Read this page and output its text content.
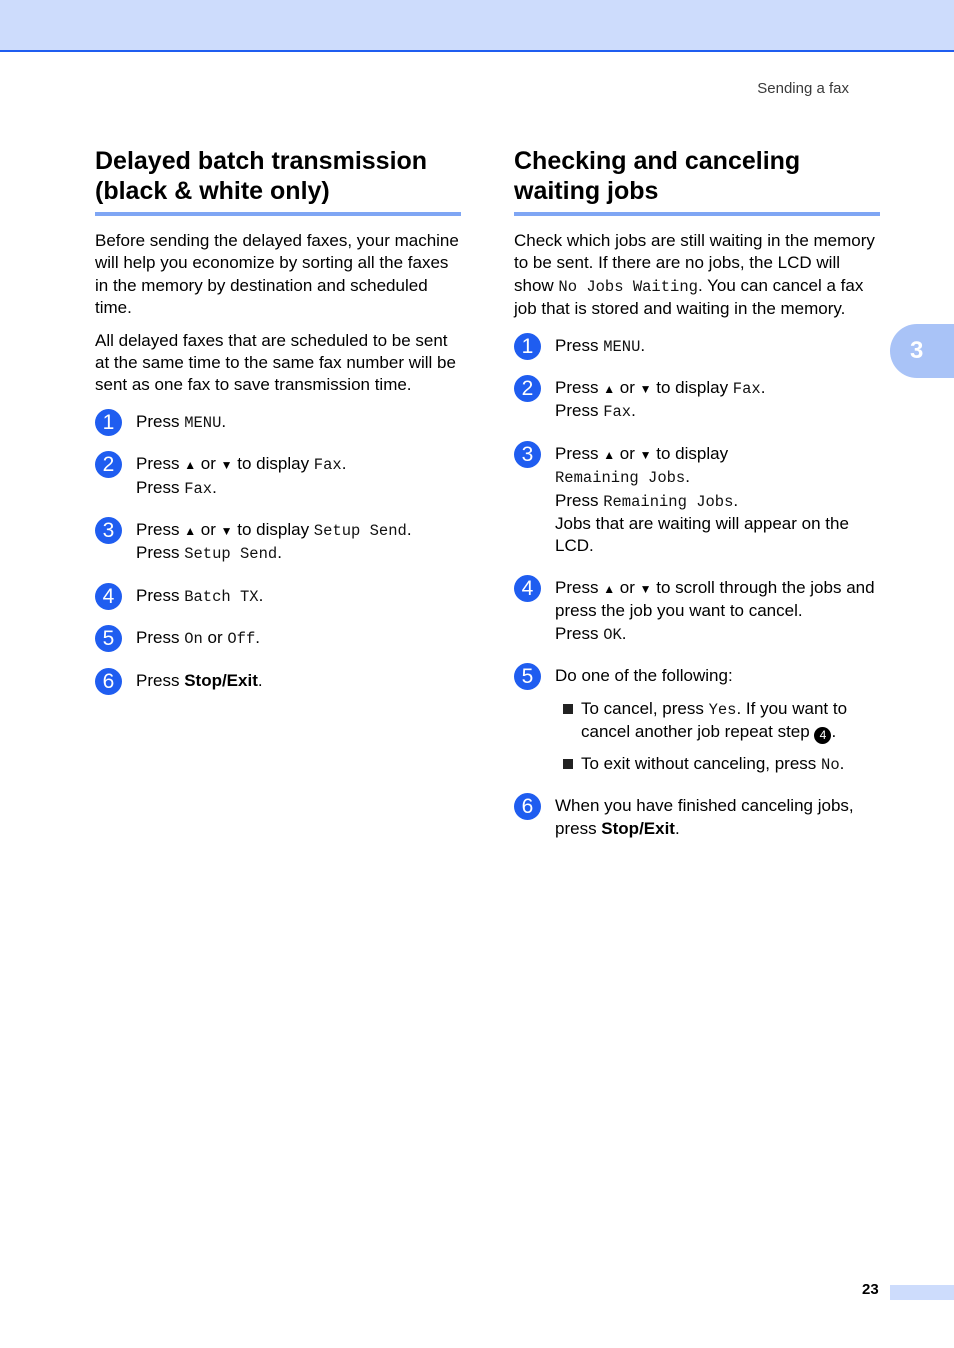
Sending a fax
3
Delayed batch transmission (black & white only)

Before sending the delayed faxes, your machine will help you economize by sorting all the faxes in the memory by destination and scheduled time.

All delayed faxes that are scheduled to be sent at the same time to the same fax number will be sent as one fax to save transmission time.

1	Press MENU.
2	Press ▲ or ▼ to display Fax.
Press Fax.
3	Press ▲ or ▼ to display Setup Send.
Press Setup Send.
4	Press Batch TX.
5	Press On or Off.
6	Press Stop/Exit.
Checking and canceling waiting jobs

Check which jobs are still waiting in the memory to be sent. If there are no jobs, the LCD will show No Jobs Waiting. You can cancel a fax job that is stored and waiting in the memory.

1	Press MENU.
2	Press ▲ or ▼ to display Fax.
Press Fax.
3	Press ▲ or ▼ to display
Remaining Jobs.
Press Remaining Jobs.
Jobs that are waiting will appear on the LCD.
4	Press ▲ or ▼ to scroll through the jobs and press the job you want to cancel.
Press OK.
5	Do one of the following:
To cancel, press Yes. If you want to cancel another job repeat step 4 .
To exit without canceling, press No.
6	When you have finished canceling jobs, press Stop/Exit.
23
